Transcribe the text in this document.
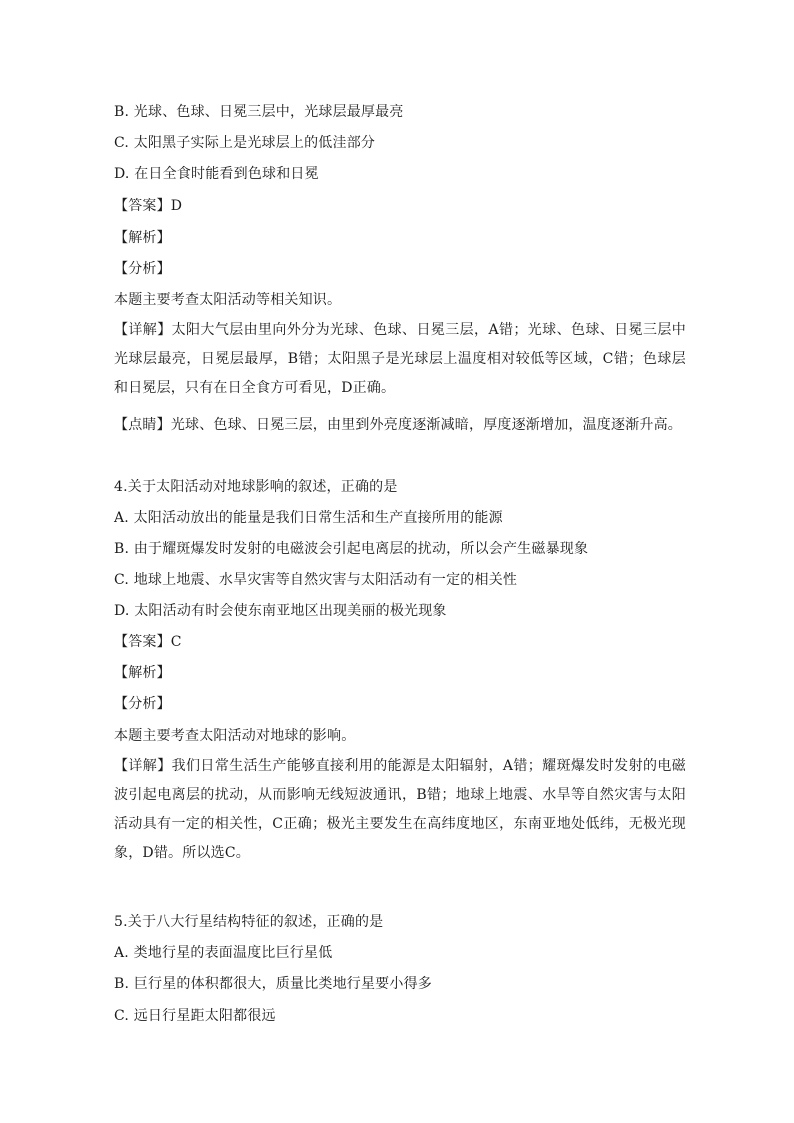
B. 光球、色球、日冕三层中，光球层最厚最亮
C. 太阳黑子实际上是光球层上的低洼部分
D. 在日全食时能看到色球和日冕
【答案】D
【解析】
【分析】
本题主要考查太阳活动等相关知识。
【详解】太阳大气层由里向外分为光球、色球、日冕三层，A错；光球、色球、日冕三层中光球层最亮，日冕层最厚，B错；太阳黑子是光球层上温度相对较低等区域，C错；色球层和日冕层，只有在日全食方可看见，D正确。
【点睛】光球、色球、日冕三层，由里到外亮度逐渐减暗，厚度逐渐增加，温度逐渐升高。
4.关于太阳活动对地球影响的叙述，正确的是
A. 太阳活动放出的能量是我们日常生活和生产直接所用的能源
B. 由于耀斑爆发时发射的电磁波会引起电离层的扰动，所以会产生磁暴现象
C. 地球上地震、水旱灾害等自然灾害与太阳活动有一定的相关性
D. 太阳活动有时会使东南亚地区出现美丽的极光现象
【答案】C
【解析】
【分析】
本题主要考查太阳活动对地球的影响。
【详解】我们日常生活生产能够直接利用的能源是太阳辐射，A错；耀斑爆发时发射的电磁波引起电离层的扰动，从而影响无线短波通讯，B错；地球上地震、水旱等自然灾害与太阳活动具有一定的相关性，C正确；极光主要发生在高纬度地区，东南亚地处低纬，无极光现象，D错。所以选C。
5.关于八大行星结构特征的叙述，正确的是
A. 类地行星的表面温度比巨行星低
B. 巨行星的体积都很大，质量比类地行星要小得多
C. 远日行星距太阳都很远
